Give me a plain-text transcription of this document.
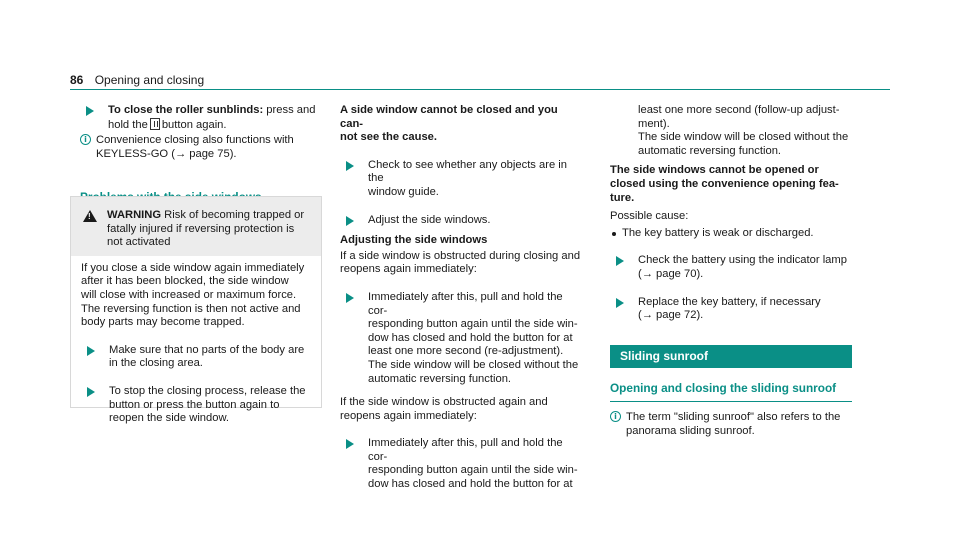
86 Opening and closing

To close the roller sunblinds: press and

hold the button again.

i Convenience closing also functions with

KEYLESS-GO (→ page 75).

!

WARNING Risk of becoming trapped or

fatally injured if reversing protection is

not activated

If you close a side window again immediately

after it has been blocked, the side window

will close with increased or maximum force.

The reversing function is then not active and

body parts may become trapped.

Make sure that no parts of the body are

in the closing area.

To stop the closing process, release the

button or press the button again to

reopen the side window.

A side window cannot be closed and you can-

not see the cause.

Check to see whether any objects are in the

window guide.

Adjust the side windows.

Adjusting the side windows

If a side window is obstructed during closing and

reopens again immediately:

Immediately after this, pull and hold the cor-

responding button again until the side win-

dow has closed and hold the button for at

least one more second (re-adjustment).

The side window will be closed without the

automatic reversing function.

If the side window is obstructed again and

reopens again immediately:

Immediately after this, pull and hold the cor-

responding button again until the side win-

dow has closed and hold the button for at

least one more second (follow-up adjust-

ment).

The side window will be closed without the

automatic reversing function.

The side windows cannot be opened or

closed using the convenience opening fea-

ture.

Possible cause:

The key battery is weak or discharged.

Check the battery using the indicator lamp

(→ page 70).

Replace the key battery, if necessary

(→ page 72).

Sliding sunroof
Opening and closing the sliding sunroof
i The term "sliding sunroof" also refers to the

panorama sliding sunroof.
